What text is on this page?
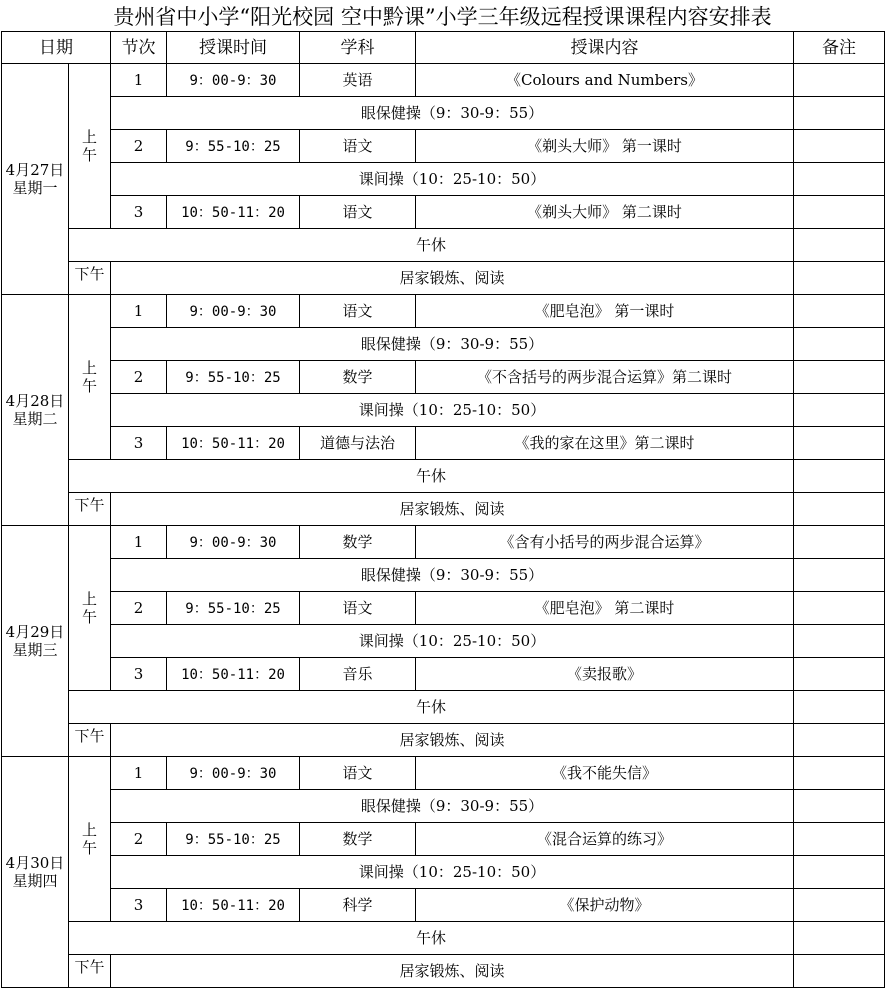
贵州省中小学“阳光校园 空中黔课”小学三年级远程授课课程内容安排表
日期		节次	授课时间	学科	授课内容	备注

4月27日
星期一	上午	1	9：00-9：30	英语	《Colours and Numbers》	
		眼保健操（9：30-9：55）				
		2	9：55-10：25	语文	《剃头大师》 第一课时	
		课间操（10：25-10：50）				
		3	10：50-11：20	语文	《剃头大师》 第二课时	
	午休					

	下午	居家锻炼、阅读				

4月28日
星期二	上午	1	9：00-9：30	语文	《肥皂泡》 第一课时	
		眼保健操（9：30-9：55）				
		2	9：55-10：25	数学	《不含括号的两步混合运算》第二课时	
		课间操（10：25-10：50）				
		3	10：50-11：20	道德与法治	《我的家在这里》第二课时	
	午休					

	下午	居家锻炼、阅读				

4月29日
星期三	上午	1	9：00-9：30	数学	《含有小括号的两步混合运算》	
		眼保健操（9：30-9：55）				
		2	9：55-10：25	语文	《肥皂泡》 第二课时	
		课间操（10：25-10：50）				
		3	10：50-11：20	音乐	《卖报歌》	
	午休					

	下午	居家锻炼、阅读				

4月30日
星期四	上午	1	9：00-9：30	语文	《我不能失信》	
		眼保健操（9：30-9：55）				
		2	9：55-10：25	数学	《混合运算的练习》	
		课间操（10：25-10：50）				
		3	10：50-11：20	科学	《保护动物》	
	午休					

	下午	居家锻炼、阅读				
